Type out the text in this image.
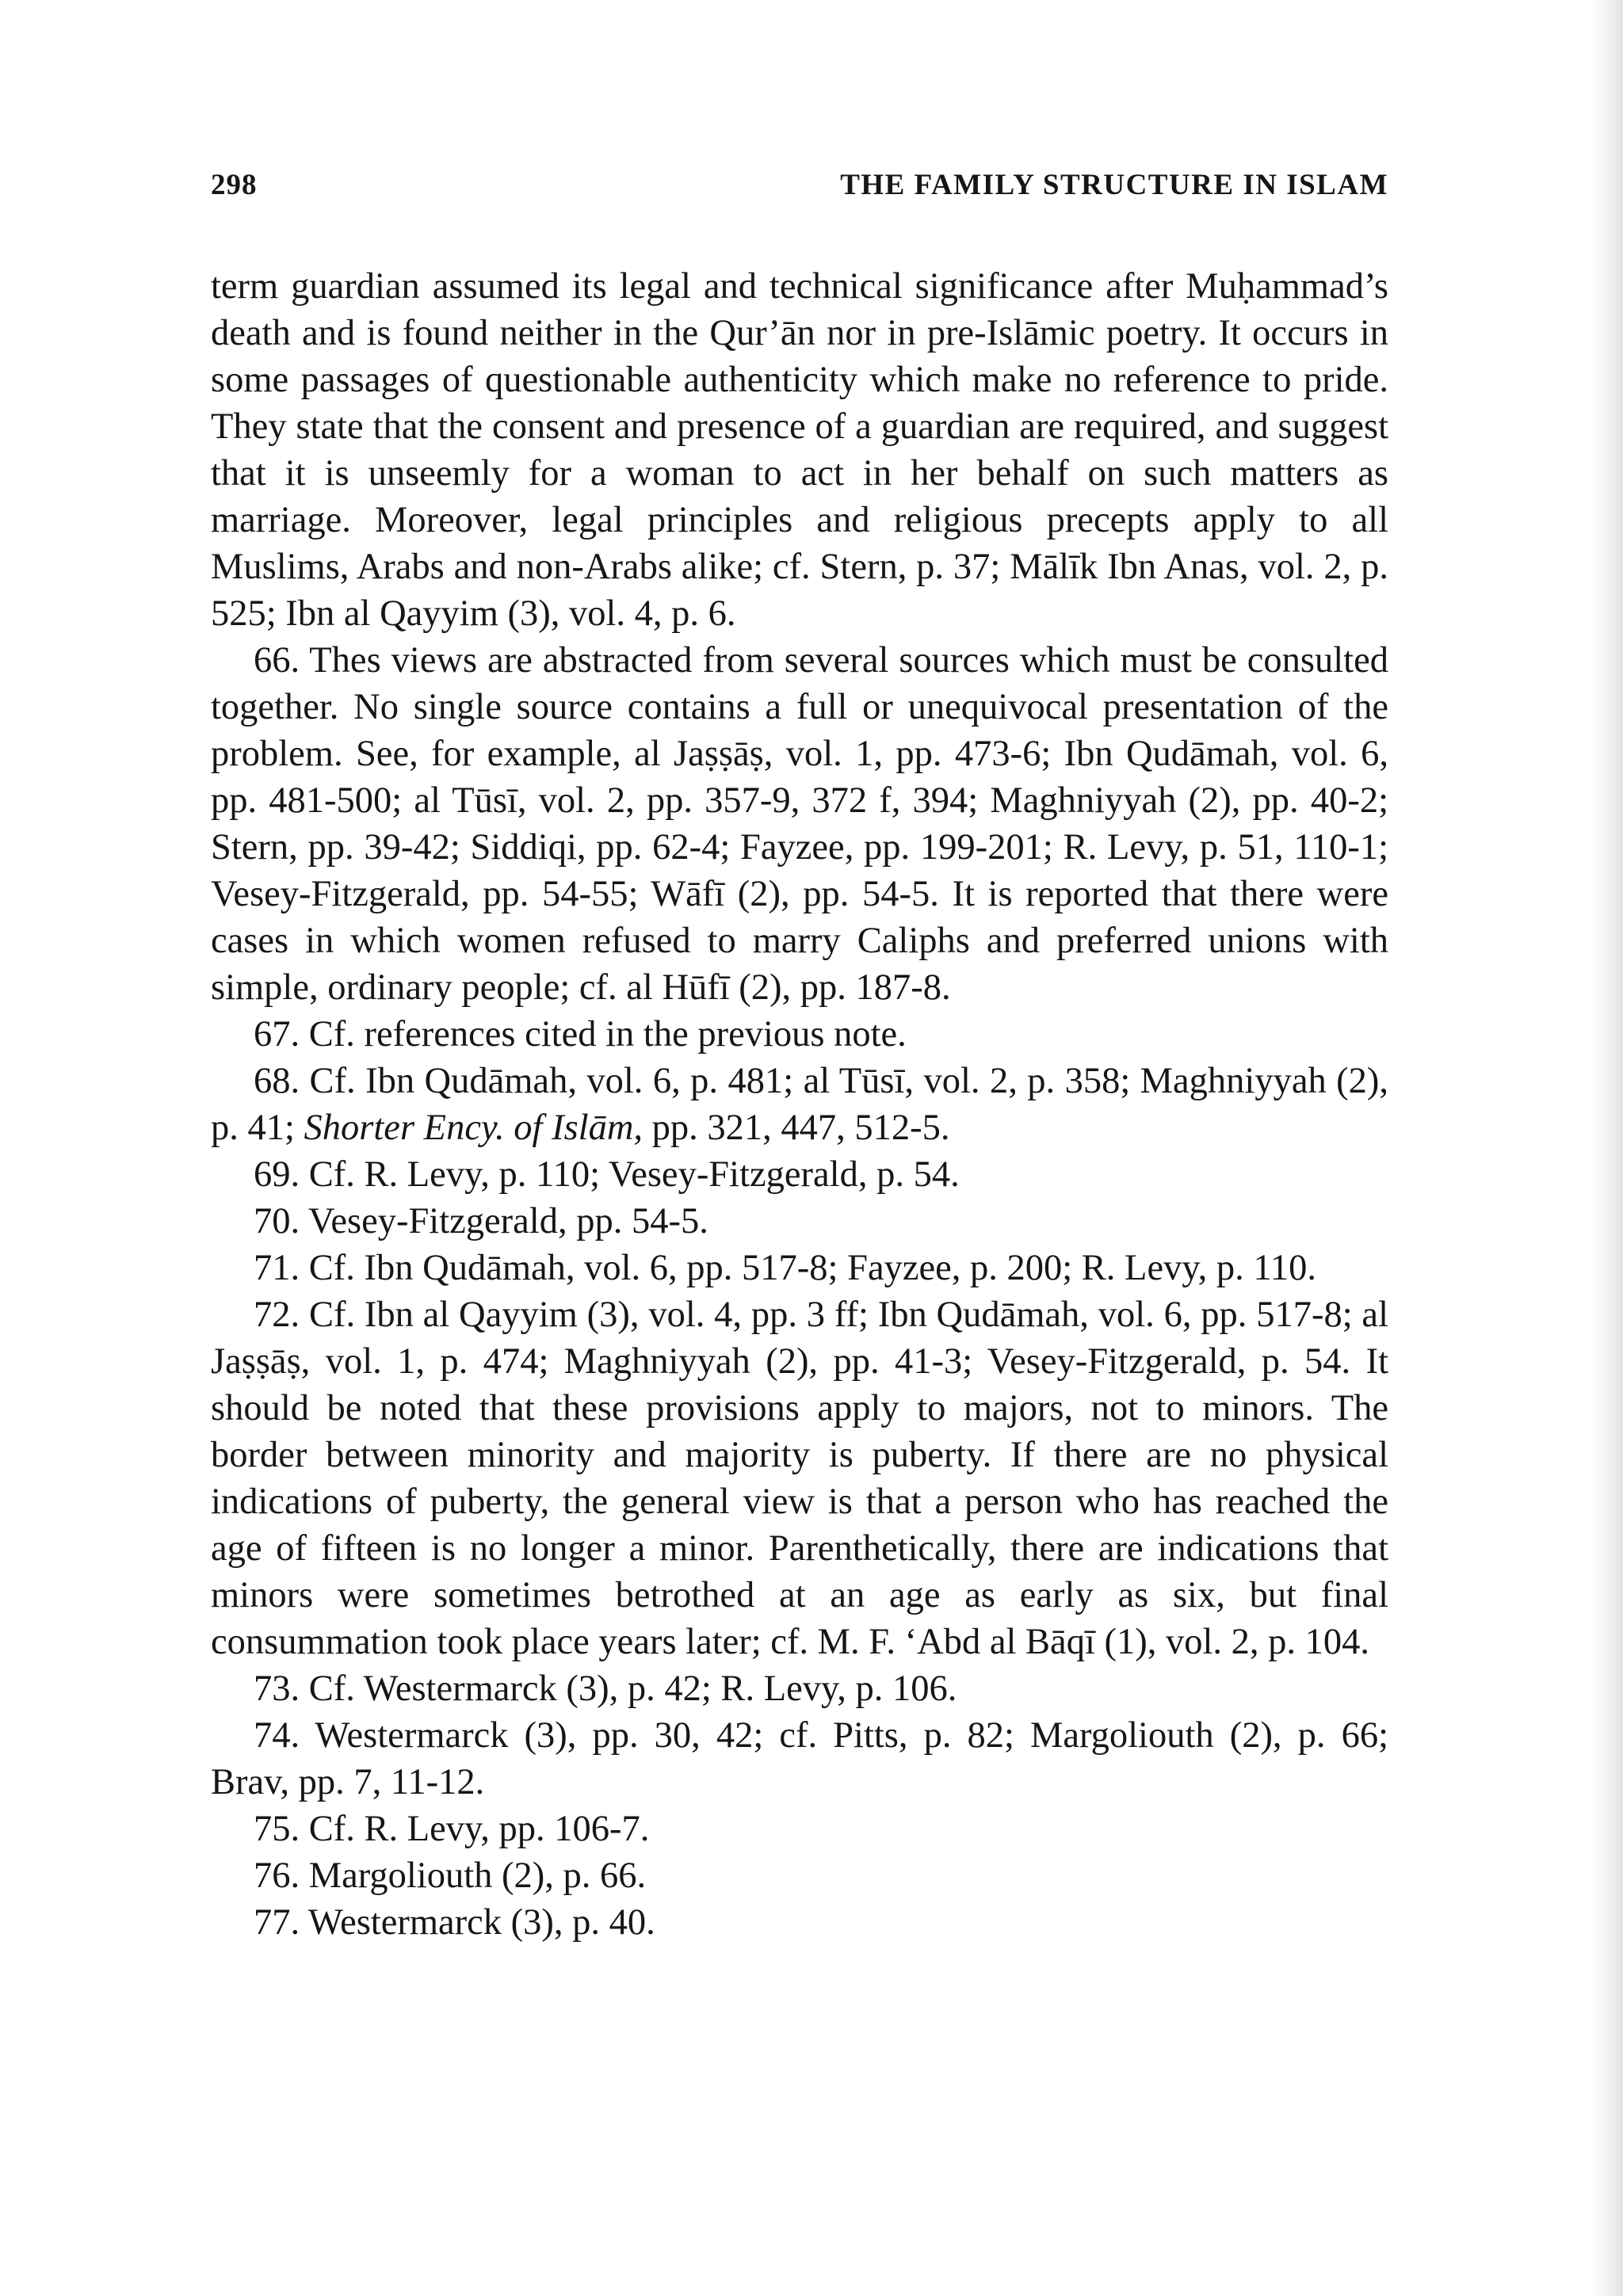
298	THE FAMILY STRUCTURE IN ISLAM

term guardian assumed its legal and technical significance after Muḥammad’s death and is found neither in the Qur’ān nor in pre-Islāmic poetry. It occurs in some passages of questionable authenticity which make no reference to pride. They state that the consent and presence of a guardian are required, and suggest that it is unseemly for a woman to act in her behalf on such matters as marriage. Moreover, legal principles and religious precepts apply to all Muslims, Arabs and non-Arabs alike; cf. Stern, p. 37; Mālīk Ibn Anas, vol. 2, p. 525; Ibn al Qayyim (3), vol. 4, p. 6.

66. Thes views are abstracted from several sources which must be consulted together. No single source contains a full or unequivocal presentation of the problem. See, for example, al Jaṣṣāṣ, vol. 1, pp. 473-6; Ibn Qudāmah, vol. 6, pp. 481-500; al Tūsī, vol. 2, pp. 357-9, 372 f, 394; Maghniyyah (2), pp. 40-2; Stern, pp. 39-42; Siddiqi, pp. 62-4; Fayzee, pp. 199-201; R. Levy, p. 51, 110-1; Vesey-Fitzgerald, pp. 54-55; Wāfī (2), pp. 54-5. It is reported that there were cases in which women refused to marry Caliphs and preferred unions with simple, ordinary people; cf. al Hūfī (2), pp. 187-8.

67. Cf. references cited in the previous note.

68. Cf. Ibn Qudāmah, vol. 6, p. 481; al Tūsī, vol. 2, p. 358; Maghniyyah (2), p. 41; Shorter Ency. of Islām, pp. 321, 447, 512-5.

69. Cf. R. Levy, p. 110; Vesey-Fitzgerald, p. 54.

70. Vesey-Fitzgerald, pp. 54-5.

71. Cf. Ibn Qudāmah, vol. 6, pp. 517-8; Fayzee, p. 200; R. Levy, p. 110.

72. Cf. Ibn al Qayyim (3), vol. 4, pp. 3 ff; Ibn Qudāmah, vol. 6, pp. 517-8; al Jaṣṣāṣ, vol. 1, p. 474; Maghniyyah (2), pp. 41-3; Vesey-Fitzgerald, p. 54. It should be noted that these provisions apply to majors, not to minors. The border between minority and majority is puberty. If there are no physical indications of puberty, the general view is that a person who has reached the age of fifteen is no longer a minor. Parenthetically, there are indications that minors were sometimes betrothed at an age as early as six, but final consummation took place years later; cf. M. F. ‘Abd al Bāqī (1), vol. 2, p. 104.

73. Cf. Westermarck (3), p. 42; R. Levy, p. 106.

74. Westermarck (3), pp. 30, 42; cf. Pitts, p. 82; Margoliouth (2), p. 66; Brav, pp. 7, 11-12.

75. Cf. R. Levy, pp. 106-7.

76. Margoliouth (2), p. 66.

77. Westermarck (3), p. 40.
